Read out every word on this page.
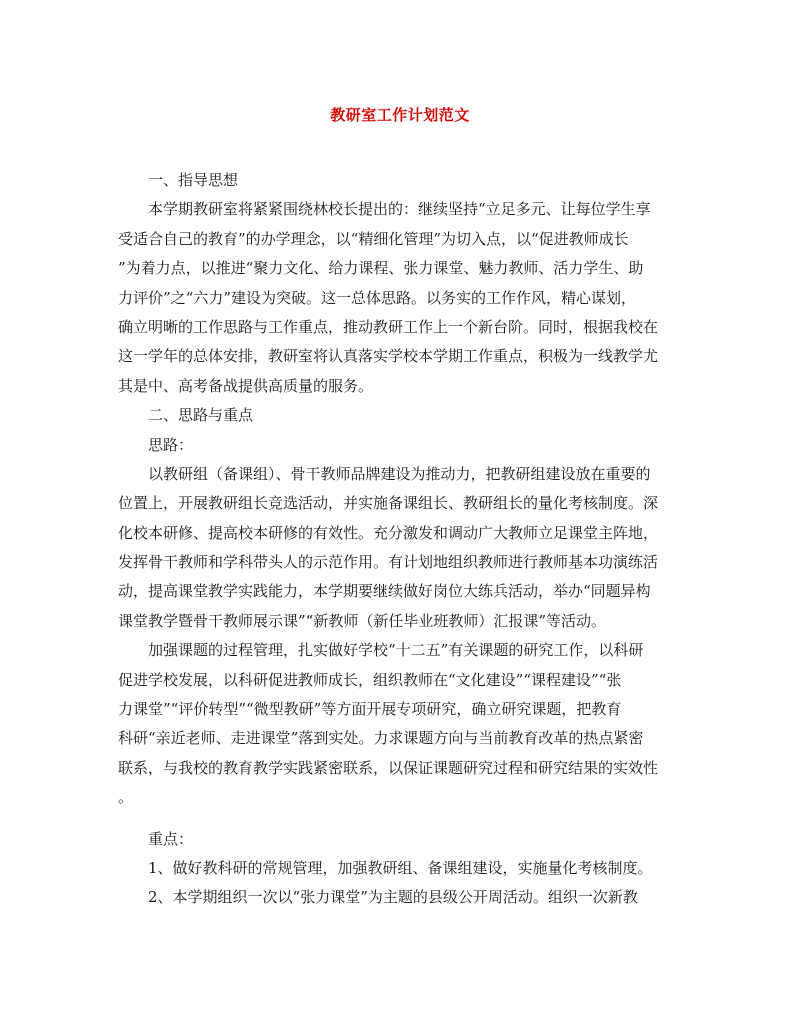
教研室工作计划范文
一、指导思想
本学期教研室将紧紧围绕林校长提出的：继续坚持“立足多元、让每位学生享
受适合自己的教育”的办学理念，以“精细化管理”为切入点，以“促进教师成长
”为着力点，以推进“聚力文化、给力课程、张力课堂、魅力教师、活力学生、助
力评价”之“六力”建设为突破。这一总体思路。以务实的工作作风，精心谋划，
确立明晰的工作思路与工作重点，推动教研工作上一个新台阶。同时，根据我校在
这一学年的总体安排，教研室将认真落实学校本学期工作重点，积极为一线教学尤
其是中、高考备战提供高质量的服务。
二、思路与重点
思路：
以教研组（备课组）、骨干教师品牌建设为推动力，把教研组建设放在重要的
位置上，开展教研组长竞选活动，并实施备课组长、教研组长的量化考核制度。深
化校本研修、提高校本研修的有效性。充分激发和调动广大教师立足课堂主阵地，
发挥骨干教师和学科带头人的示范作用。有计划地组织教师进行教师基本功演练活
动，提高课堂教学实践能力，本学期要继续做好岗位大练兵活动，举办“同题异构
课堂教学暨骨干教师展示课”“新教师（新任毕业班教师）汇报课”等活动。
加强课题的过程管理，扎实做好学校“十二五”有关课题的研究工作，以科研
促进学校发展，以科研促进教师成长，组织教师在“文化建设”“课程建设”“张
力课堂”“评价转型”“微型教研”等方面开展专项研究，确立研究课题，把教育
科研“亲近老师、走进课堂”落到实处。力求课题方向与当前教育改革的热点紧密
联系，与我校的教育教学实践紧密联系，以保证课题研究过程和研究结果的实效性
。
重点：
1、做好教科研的常规管理，加强教研组、备课组建设，实施量化考核制度。
2、本学期组织一次以“张力课堂”为主题的县级公开周活动。组织一次新教
